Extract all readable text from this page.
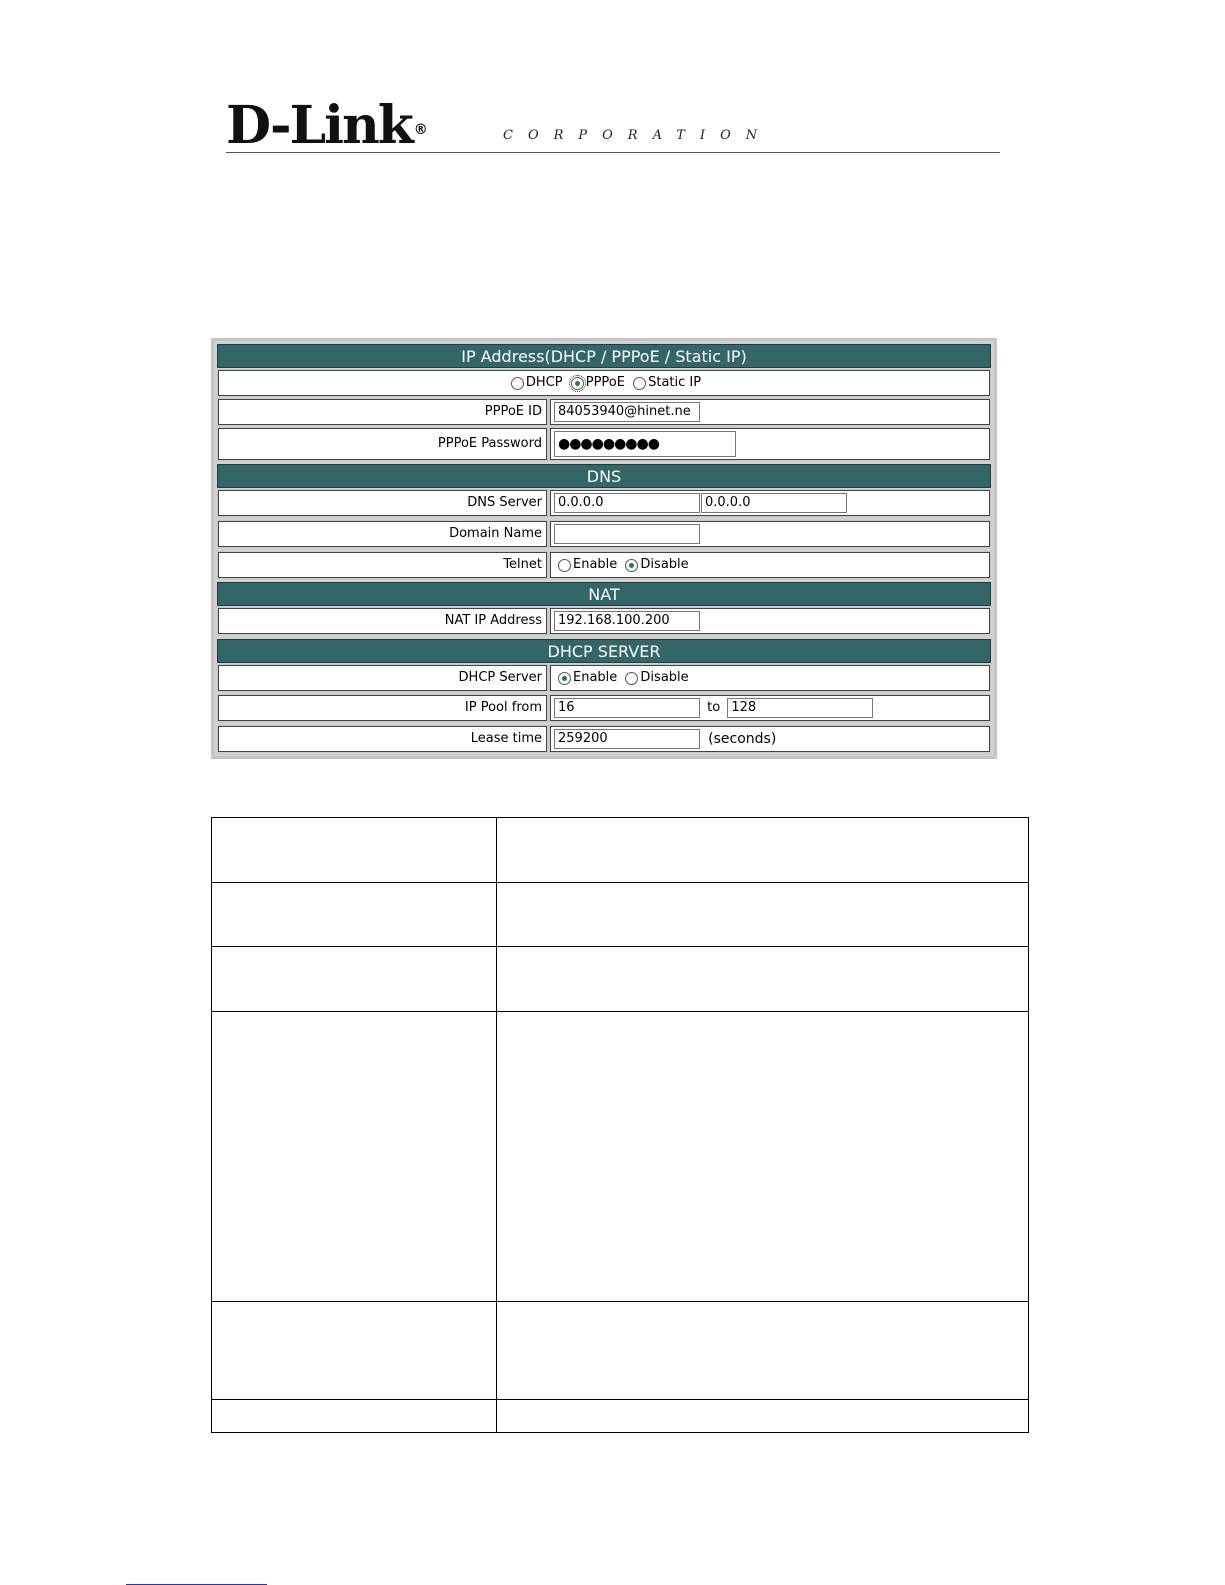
D-Link ®	CORPORATION
IP Address(DHCP / PPPoE / Static IP)
DHCP PPPoE Static IP
PPPoE ID	84053940@hinet.ne
PPPoE Password	●●●●●●●●●
DNS
DNS Server	0.0.0.0	0.0.0.0
Domain Name
Telnet	Enable Disable
NAT
NAT IP Address	192.168.100.200
DHCP SERVER
DHCP Server	Enable Disable
IP Pool from	16	to 128
Lease time	259200	(seconds)
